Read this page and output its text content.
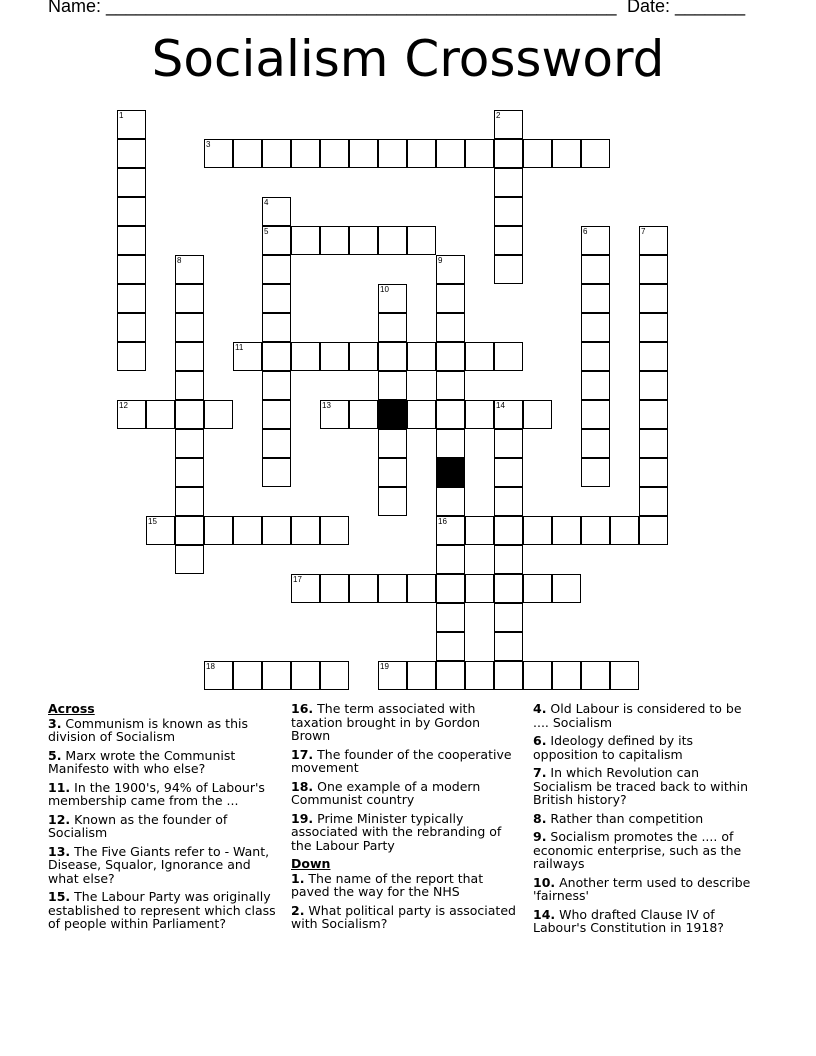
Name: ___________________________________________________ Date: _______
Socialism Crossword
3
5
11
12	13	14
15	16
17
18	19
1	2
4
6	7
8	9
10
Across
3. Communism is known as this division of Socialism
5. Marx wrote the Communist Manifesto with who else?
11. In the 1900's, 94% of Labour's membership came from the ...
12. Known as the founder of Socialism
13. The Five Giants refer to - Want, Disease, Squalor, Ignorance and what else?
15. The Labour Party was originally established to represent which class of people within Parliament?
16. The term associated with taxation brought in by Gordon Brown
17. The founder of the cooperative movement
18. One example of a modern Communist country
19. Prime Minister typically associated with the rebranding of the Labour Party
Down
1. The name of the report that paved the way for the NHS
2. What political party is associated with Socialism?
4. Old Labour is considered to be .... Socialism
6. Ideology defined by its opposition to capitalism
7. In which Revolution can Socialism be traced back to within British history?
8. Rather than competition
9. Socialism promotes the .... of economic enterprise, such as the railways
10. Another term used to describe 'fairness'
14. Who drafted Clause IV of Labour's Constitution in 1918?
